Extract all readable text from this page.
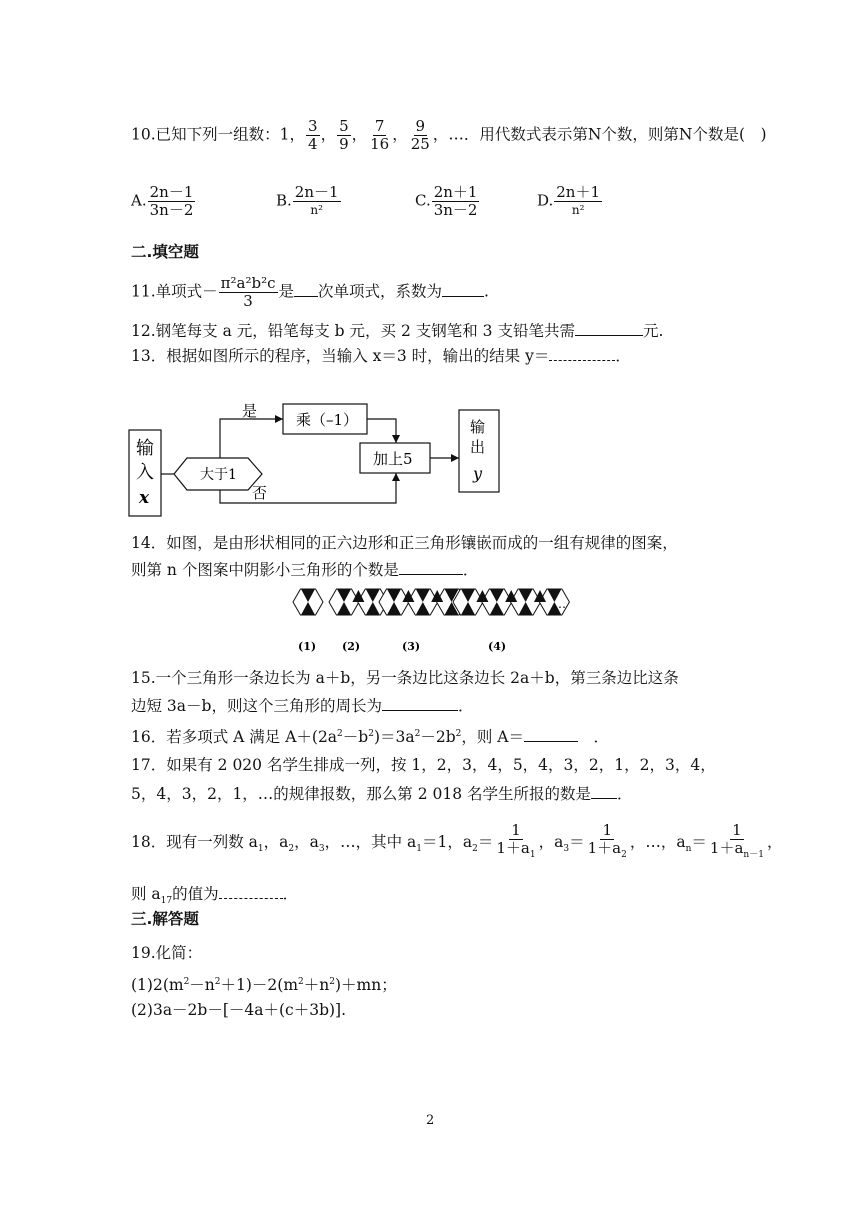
10.已知下列一组数：1， $\frac{3}{4}$ ， $\frac{5}{9}$ ， $\frac{7}{16}$ ， $\frac{9}{25}$ ，…．用代数式表示第N个数，则第N个数是(　)
A. $\frac{2n-1}{3n-2}$	B. $\frac{2n-1}{\text{n²}}$	C. $\frac{2n+1}{3n-2}$	D. $\frac{2n+1}{\text{n²}}$
二.填空题
11.单项式－ $\frac{\text{π²a²b²c}}{3}$ 是 次单项式，系数为	.
12.钢笔每支 a 元，铅笔每支 b 元，买 2 支钢笔和 3 支铅笔共需	元.
13．根据如图所示的程序，当输入 x＝3 时，输出的结果 y＝	．
输
入
x
大于1
是
否
乘（–1）
加上5
输
出
y
14．如图，是由形状相同的正六边形和正三角形镶嵌而成的一组有规律的图案，
则第 n 个图案中阴影小三角形的个数是	．
(1) (2)	(3)	(4)
…
15.一个三角形一条边长为 a＋b，另一条边比这条边长 2a＋b，第三条边比这条
边短 3a－b，则这个三角形的周长为	．
16．若多项式 A 满足 $A+(2a^2-b^2)=3a^2-2b^2$，则 A＝　	．
17．如果有 2 020 名学生排成一列，按 1，2，3，4，5，4，3，2，1，2，3，4，
5，4，3，2，1，…的规律报数，那么第 2 018 名学生所报的数是 ．
18．现有一列数 $a_1$，$a_2$，$a_3$，…，其中 $a_1=1$，$a_2= \frac{1}{1+a_1}$ ，$a_3= \frac{1}{1+a_2}$ ，…，$a_n= \frac{1}{1+a_{n-1}}$ ，
则 $a_{17}$的值为	．
三.解答题
19.化简：
$(1)2(m^2-n^2+1)-2(m^2+n^2)+mn$；
(2)3a－2b－[－4a＋(c＋3b)].
2
